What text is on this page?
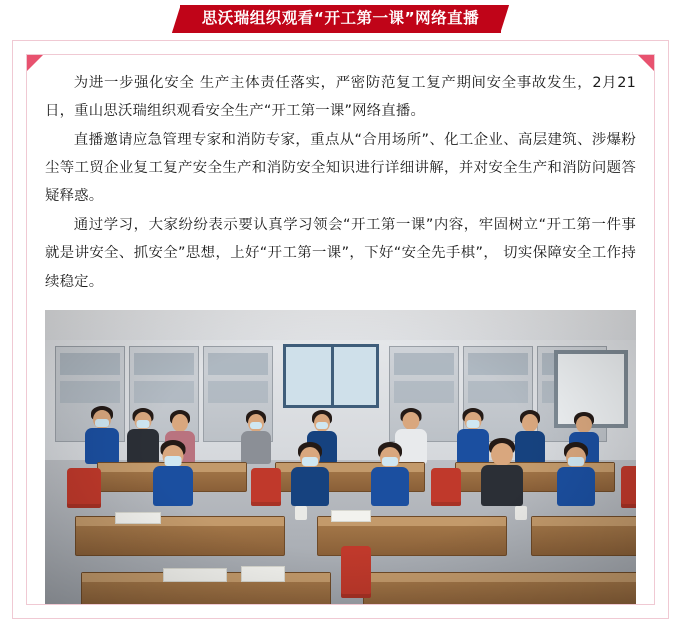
思沃瑞组织观看“开工第一课”网络直播

为进一步强化安全 生产主体责任落实，严密防范复工复产期间安全事故发生，2月21日，重山思沃瑞组织观看安全生产“开工第一课”网络直播。

直播邀请应急管理专家和消防专家，重点从“合用场所”、化工企业、高层建筑、涉爆粉尘等工贸企业复工复产安全生产和消防安全知识进行详细讲解，并对安全生产和消防问题答疑释惑。

通过学习，大家纷纷表示要认真学习领会“开工第一课”内容，牢固树立“开工第一件事就是讲安全、抓安全”思想，上好“开工第一课”，下好“安全先手棋”， 切实保障安全工作持续稳定。
